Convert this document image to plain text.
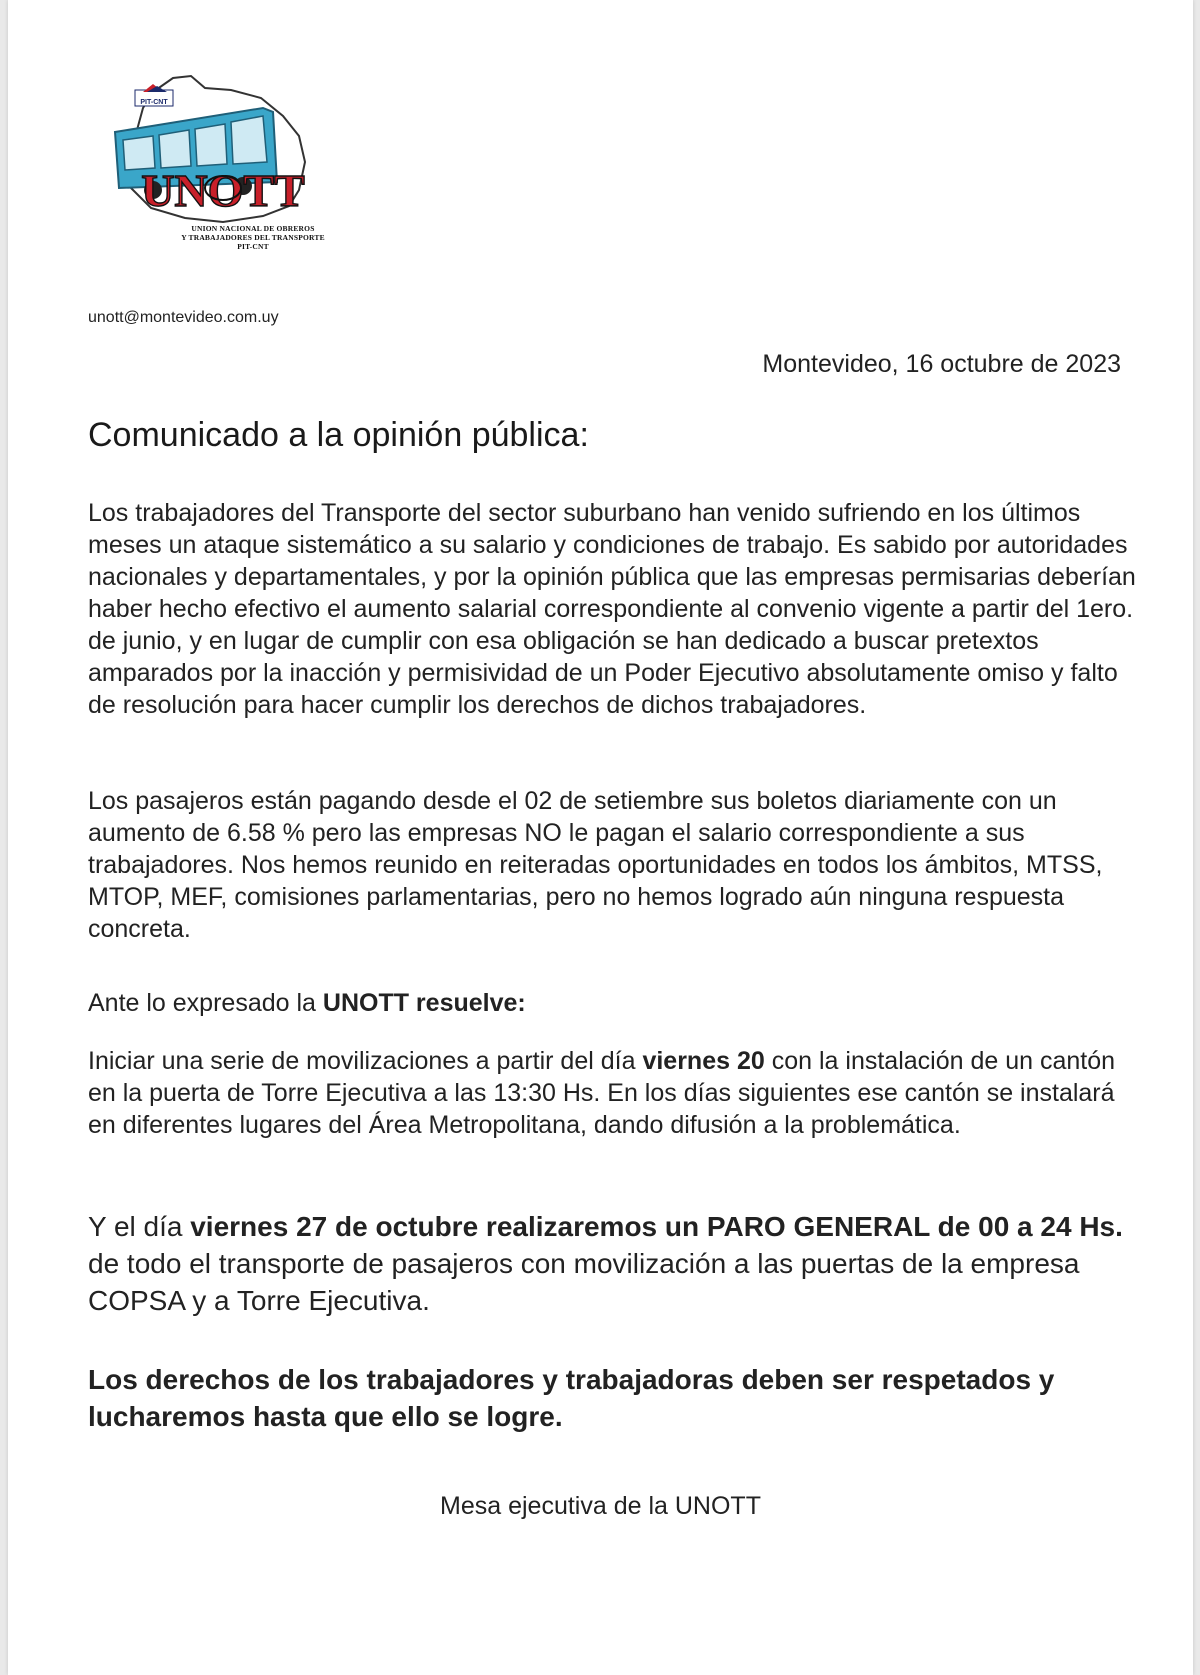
PIT-CNT
UNOTT
UNION NACIONAL DE OBREROS
Y TRABAJADORES DEL TRANSPORTE
PIT-CNT
unott@montevideo.com.uy
Montevideo, 16 octubre de 2023
Comunicado a la opinión pública:

Los trabajadores del Transporte del sector suburbano han venido sufriendo en los últimos meses un ataque sistemático a su salario y condiciones de trabajo. Es sabido por autoridades nacionales y departamentales, y por la opinión pública que las empresas permisarias deberían haber hecho efectivo el aumento salarial correspondiente al convenio vigente a partir del 1ero. de junio, y en lugar de cumplir con esa obligación se han dedicado a buscar pretextos amparados por la inacción y permisividad de un Poder Ejecutivo absolutamente omiso y falto de resolución para hacer cumplir los derechos de dichos trabajadores.

Los pasajeros están pagando desde el 02 de setiembre sus boletos diariamente con un aumento de 6.58 % pero las empresas NO le pagan el salario correspondiente a sus trabajadores. Nos hemos reunido en reiteradas oportunidades en todos los ámbitos, MTSS, MTOP, MEF, comisiones parlamentarias, pero no hemos logrado aún ninguna respuesta concreta.

Ante lo expresado la UNOTT resuelve:

Iniciar una serie de movilizaciones a partir del día viernes 20 con la instalación de un cantón en la puerta de Torre Ejecutiva a las 13:30 Hs. En los días siguientes ese cantón se instalará en diferentes lugares del Área Metropolitana, dando difusión a la problemática.

Y el día viernes 27 de octubre realizaremos un PARO GENERAL de 00 a 24 Hs. de todo el transporte de pasajeros con movilización a las puertas de la empresa COPSA y a Torre Ejecutiva.

Los derechos de los trabajadores y trabajadoras deben ser respetados y lucharemos hasta que ello se logre.

Mesa ejecutiva de la UNOTT
